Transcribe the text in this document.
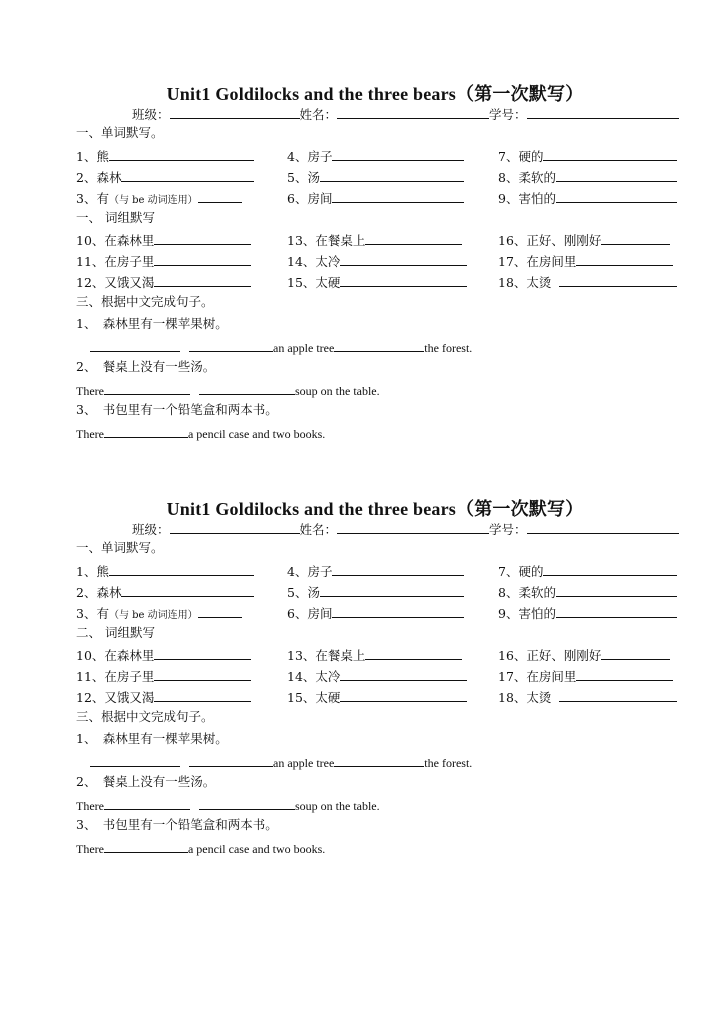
Unit1 Goldilocks and the three bears（第一次默写）
班级：	姓名：	学号：
一、单词默写。
1、熊	4、房子	7、硬的
2、森林	5、汤	8、柔软的
3、有（与 be 动词连用）	6、房间	9、害怕的
一、 词组默写
10、在森林里	13、在餐桌上	16、正好、刚刚好
11、在房子里	14、太冷	17、在房间里
12、又饿又渴	15、太硬	18、太烫
三、根据中文完成句子。
1、　森林里有一棵苹果树。
an apple tree	the forest.
2、　餐桌上没有一些汤。
There	soup on the table.
3、　书包里有一个铅笔盒和两本书。
There	a pencil case and two books.
Unit1 Goldilocks and the three bears（第一次默写）
班级：	姓名：	学号：
一、单词默写。
1、熊	4、房子	7、硬的
2、森林	5、汤	8、柔软的
3、有（与 be 动词连用）	6、房间	9、害怕的
二、 词组默写
10、在森林里	13、在餐桌上	16、正好、刚刚好
11、在房子里	14、太冷	17、在房间里
12、又饿又渴	15、太硬	18、太烫
三、根据中文完成句子。
1、　森林里有一棵苹果树。
an apple tree	the forest.
2、　餐桌上没有一些汤。
There	soup on the table.
3、　书包里有一个铅笔盒和两本书。
There	a pencil case and two books.
